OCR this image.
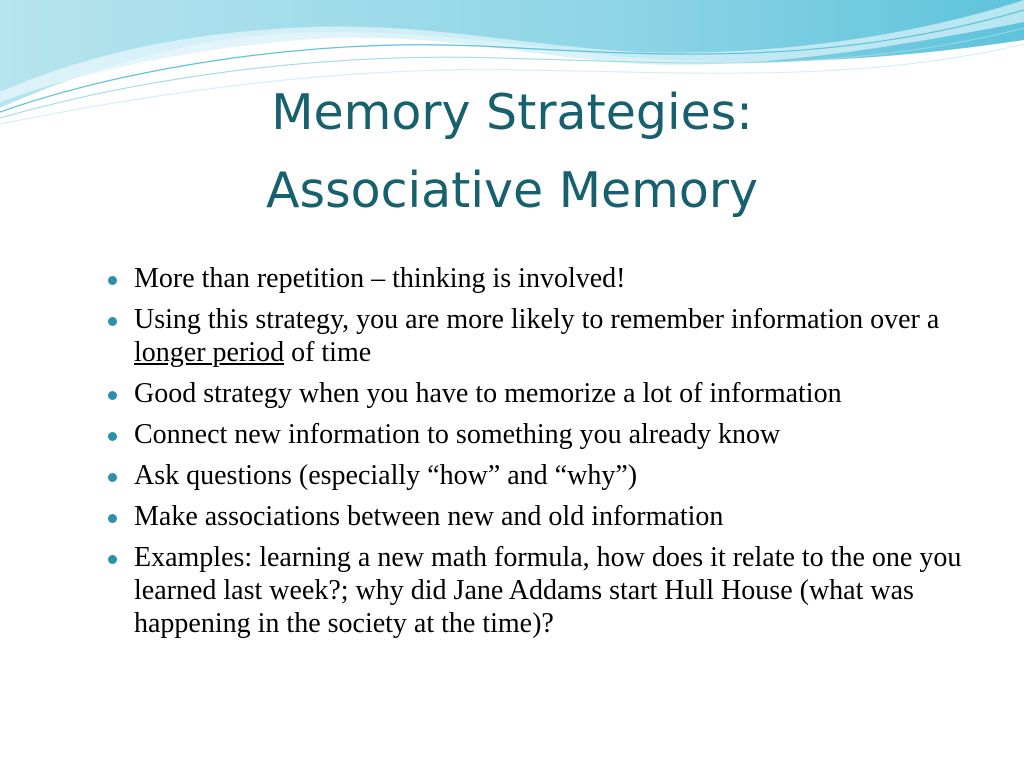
Memory Strategies:
Associative Memory
More than repetition – thinking is involved!
Using this strategy, you are more likely to remember information over a longer period of time
Good strategy when you have to memorize a lot of information
Connect new information to something you already know
Ask questions (especially “how” and “why”)
Make associations between new and old information
Examples: learning a new math formula, how does it relate to the one you learned last week?; why did Jane Addams start Hull House (what was happening in the society at the time)?
